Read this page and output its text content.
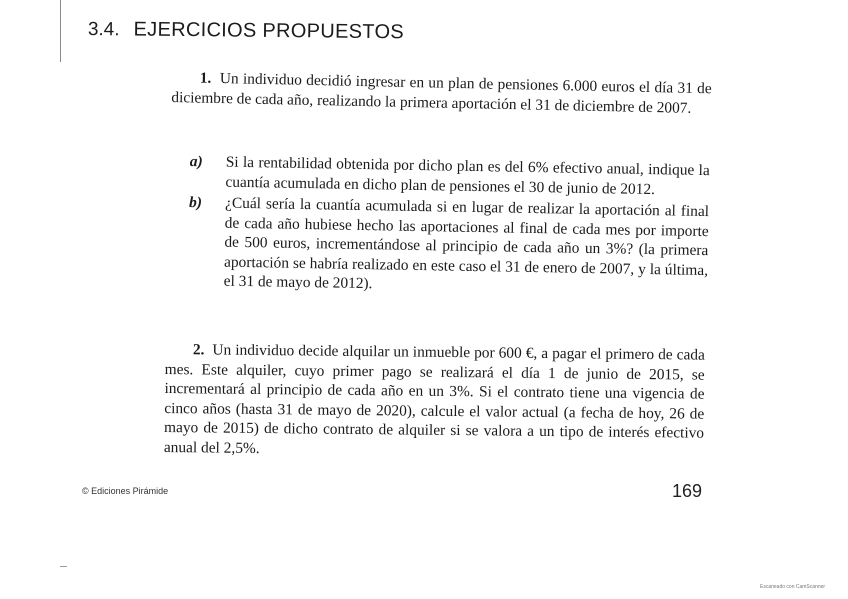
3.4. EJERCICIOS PROPUESTOS

1. Un individuo decidió ingresar en un plan de pensiones 6.000 euros el día 31 de diciembre de cada año, realizando la primera aportación el 31 de diciembre de 2007.

a) Si la rentabilidad obtenida por dicho plan es del 6% efectivo anual, indique la cuantía acumulada en dicho plan de pensiones el 30 de junio de 2012.
b) ¿Cuál sería la cuantía acumulada si en lugar de realizar la aportación al final de cada año hubiese hecho las aportaciones al final de cada mes por importe de 500 euros, incrementándose al principio de cada año un 3%? (la primera aportación se habría realizado en este caso el 31 de enero de 2007, y la última, el 31 de mayo de 2012).

2. Un individuo decide alquilar un inmueble por 600 €, a pagar el primero de cada mes. Este alquiler, cuyo primer pago se realizará el día 1 de junio de 2015, se incrementará al principio de cada año en un 3%. Si el contrato tiene una vigencia de cinco años (hasta 31 de mayo de 2020), calcule el valor actual (a fecha de hoy, 26 de mayo de 2015) de dicho contrato de alquiler si se valora a un tipo de interés efectivo anual del 2,5%.

© Ediciones Pirámide	169
Escaneado con CamScanner
